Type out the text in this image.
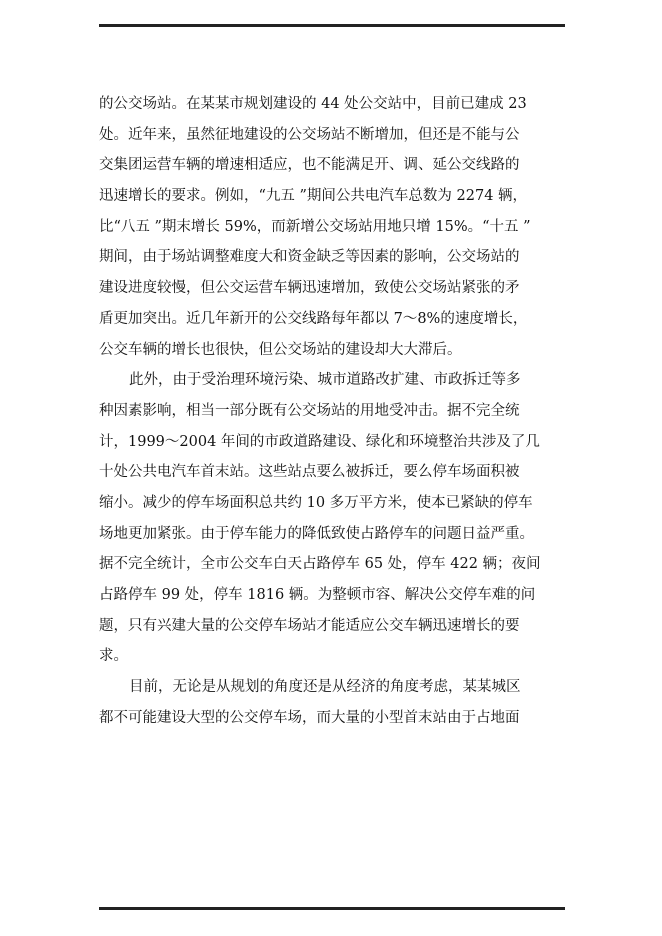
的公交场站。在某某市规划建设的 44 处公交站中，目前已建成 23
处。近年来，虽然征地建设的公交场站不断增加，但还是不能与公
交集团运营车辆的增速相适应，也不能满足开、调、延公交线路的
迅速增长的要求。例如，“九五 ”期间公共电汽车总数为 2274 辆，
比“八五 ”期末增长 59%，而新增公交场站用地只增 15%。“十五 ”
期间，由于场站调整难度大和资金缺乏等因素的影响，公交场站的
建设进度较慢，但公交运营车辆迅速增加，致使公交场站紧张的矛
盾更加突出。近几年新开的公交线路每年都以 7～8%的速度增长，
公交车辆的增长也很快，但公交场站的建设却大大滞后。
此外，由于受治理环境污染、城市道路改扩建、市政拆迁等多
种因素影响，相当一部分既有公交场站的用地受冲击。据不完全统
计，1999～2004 年间的市政道路建设、绿化和环境整治共涉及了几
十处公共电汽车首末站。这些站点要么被拆迁，要么停车场面积被
缩小。减少的停车场面积总共约 10 多万平方米，使本已紧缺的停车
场地更加紧张。由于停车能力的降低致使占路停车的问题日益严重。
据不完全统计，全市公交车白天占路停车 65 处，停车 422 辆；夜间
占路停车 99 处，停车 1816 辆。为整顿市容、解决公交停车难的问
题，只有兴建大量的公交停车场站才能适应公交车辆迅速增长的要
求。
目前，无论是从规划的角度还是从经济的角度考虑，某某城区
都不可能建设大型的公交停车场，而大量的小型首末站由于占地面
